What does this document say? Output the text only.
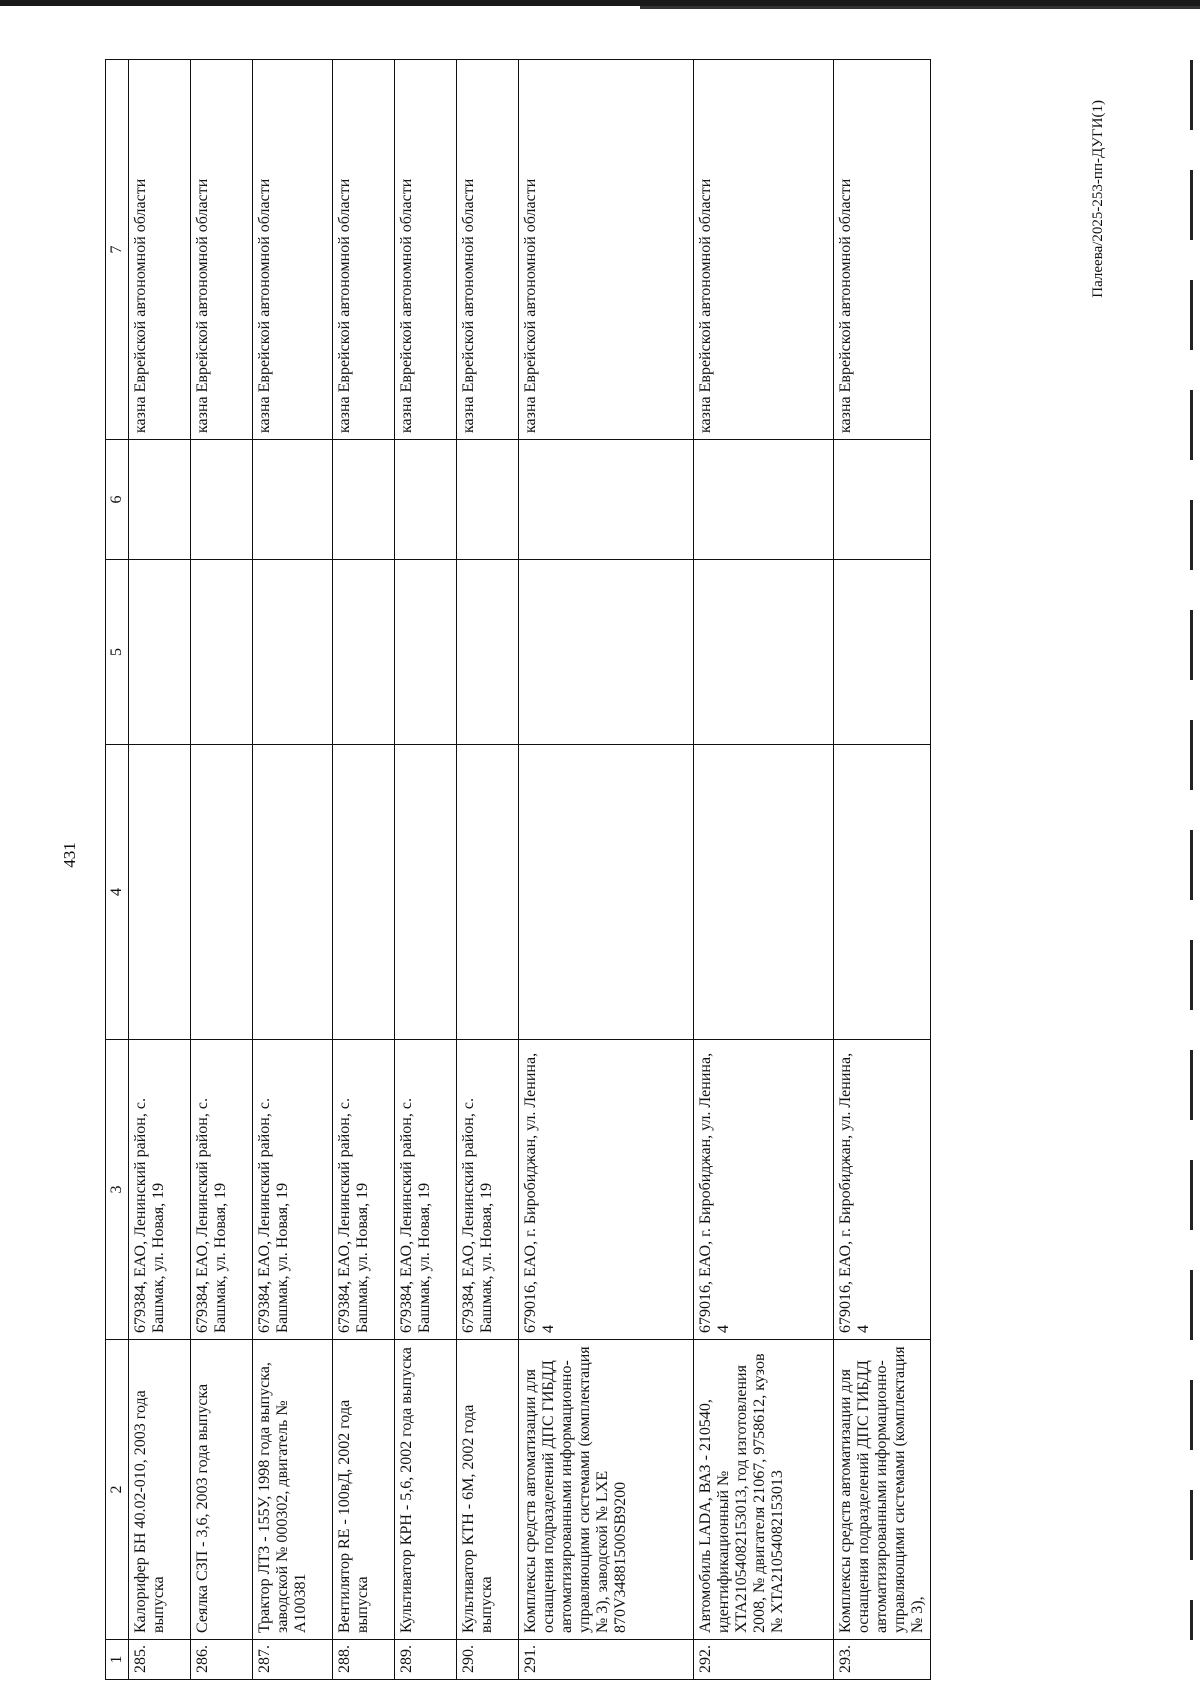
431
1	2	3	4	5	6	7
285.	Калорифер БН 40.02-010, 2003 года выпуска	679384, ЕАО, Ленинский район, с. Башмак, ул. Новая, 19				казна Еврейской автономной области
286.	Сеялка СЗП - 3,6, 2003 года выпуска	679384, ЕАО, Ленинский район, с. Башмак, ул. Новая, 19				казна Еврейской автономной области
287.	Трактор ЛТЗ - 155У, 1998 года выпуска, заводской № 000302, двигатель № А100381	679384, ЕАО, Ленинский район, с. Башмак, ул. Новая, 19				казна Еврейской автономной области
288.	Вентилятор RE - 100вД, 2002 года выпуска	679384, ЕАО, Ленинский район, с. Башмак, ул. Новая, 19				казна Еврейской автономной области
289.	Культиватор КРН - 5,6, 2002 года выпуска	679384, ЕАО, Ленинский район, с. Башмак, ул. Новая, 19				казна Еврейской автономной области
290.	Культиватор КТН - 6М, 2002 года выпуска	679384, ЕАО, Ленинский район, с. Башмак, ул. Новая, 19				казна Еврейской автономной области
291.	Комплексы средств автоматизации для оснащения подразделений ДПС ГИБДД автоматизированными информационно-управляющими системами (комплектация № 3), заводской № LXE 870V34881500SB9200	679016, ЕАО, г. Биробиджан, ул. Ленина, 4				казна Еврейской автономной области
292.	Автомобиль LADA, ВАЗ - 210540, идентификационный № XTA21054082153013, год изготовления 2008, № двигателя 21067, 9758612, кузов № XTA21054082153013	679016, ЕАО, г. Биробиджан, ул. Ленина, 4				казна Еврейской автономной области
293.	Комплексы средств автоматизации для оснащения подразделений ДПС ГИБДД автоматизированными информационно-управляющими системами (комплектация № 3),	679016, ЕАО, г. Биробиджан, ул. Ленина, 4				казна Еврейской автономной области	Палеева/2025-253-пп-ДУГИ(1)
